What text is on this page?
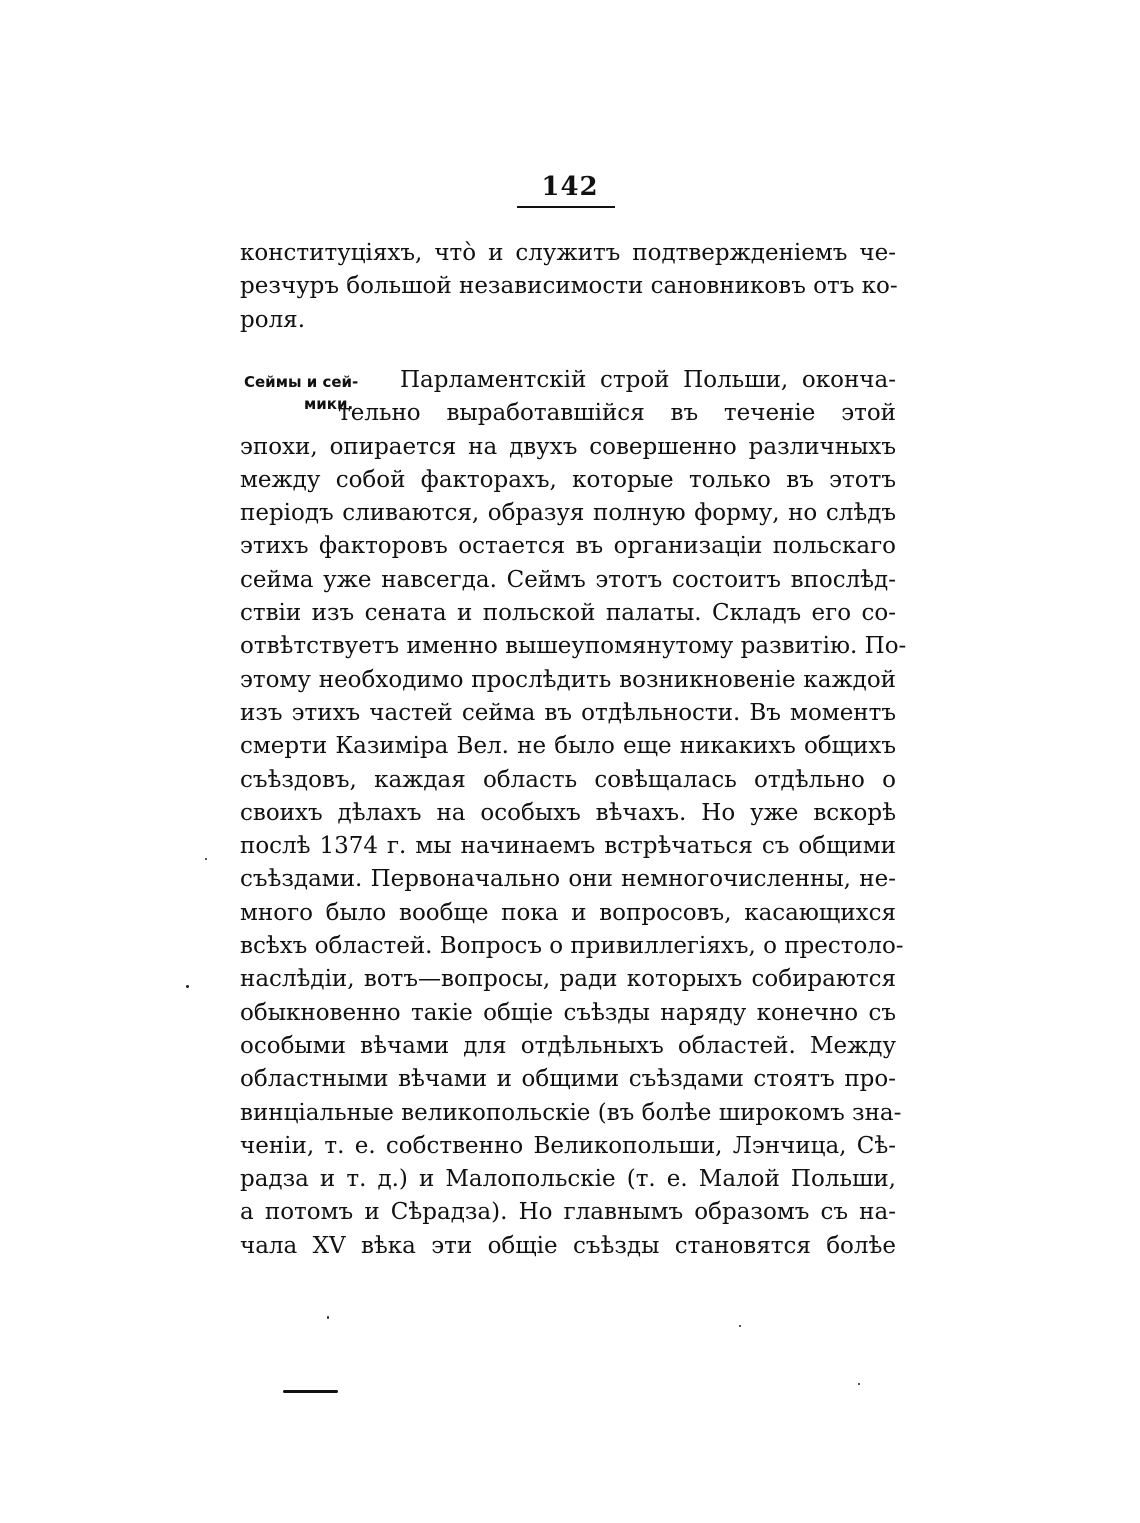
142
конституціяхъ, что̀ и служитъ подтвержденіемъ че-
резчуръ большой независимости сановниковъ отъ ко-
роля.
Сеймы и сей-
мики.
Парламентскій строй Польши, оконча-
тельно выработавшійся въ теченіе этой
эпохи, опирается на двухъ совершенно различныхъ
между собой факторахъ, которые только въ этотъ
періодъ сливаются, образуя полную форму, но слѣдъ
этихъ факторовъ остается въ организаціи польскаго
сейма уже навсегда. Сеймъ этотъ состоитъ впослѣд-
ствіи изъ сената и польской палаты. Складъ его со-
отвѣтствуетъ именно вышеупомянутому развитію. По-
этому необходимо прослѣдить возникновеніе каждой
изъ этихъ частей сейма въ отдѣльности. Въ моментъ
смерти Казиміра Вел. не было еще никакихъ общихъ
съѣздовъ, каждая область совѣщалась отдѣльно о
своихъ дѣлахъ на особыхъ вѣчахъ. Но уже вскорѣ
послѣ 1374 г. мы начинаемъ встрѣчаться съ общими
съѣздами. Первоначально они немногочисленны, не-
много было вообще пока и вопросовъ, касающихся
всѣхъ областей. Вопросъ о привиллегіяхъ, о престоло-
наслѣдіи, вотъ—вопросы, ради которыхъ собираются
обыкновенно такіе общіе съѣзды наряду конечно съ
особыми вѣчами для отдѣльныхъ областей. Между
областными вѣчами и общими съѣздами стоятъ про-
винціальные великопольскіе (въ болѣе широкомъ зна-
ченіи, т. е. собственно Великопольши, Лэнчица, Сѣ-
радза и т. д.) и Малопольскіе (т. е. Малой Польши,
а потомъ и Сѣрадза). Но главнымъ образомъ съ на-
чала XV вѣка эти общіе съѣзды становятся болѣе
